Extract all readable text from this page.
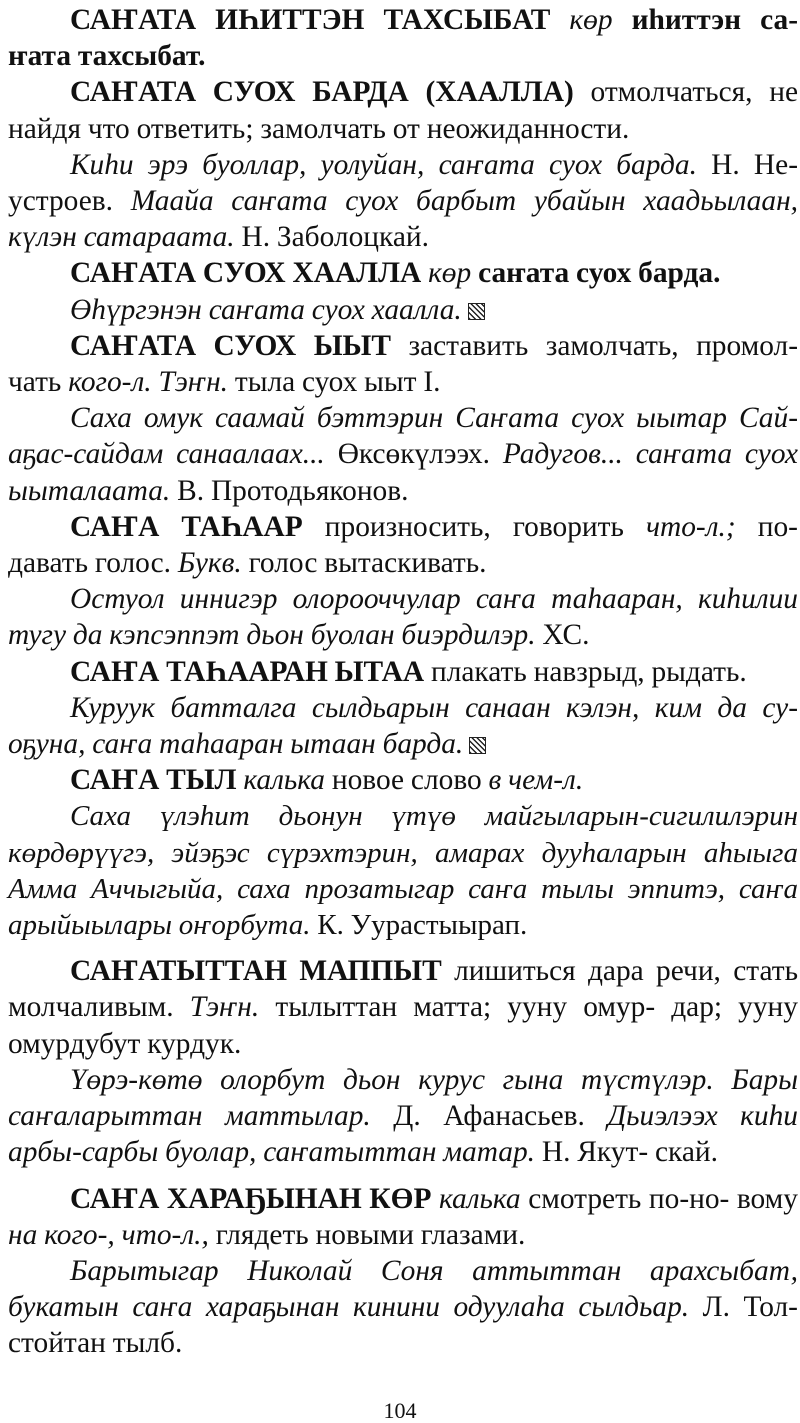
САҤАТА ИҺИТТЭН ТАХСЫБАТ көр иһиттэн са- ҥата тахсыбат.

САҤАТА СУОХ БАРДА (ХААЛЛА) отмолчаться, не найдя что ответить; замолчать от неожиданности.

Киһи эрэ буоллар, уолуйан, саҥата суох барда. Н. Не- устроев. Маайа саҥата суох барбыт убайын хаадьылаан, күлэн сатараата. Н. Заболоцкай.

САҤАТА СУОХ ХААЛЛА көр саҥата суох барда.

Өһүргэнэн саҥата суох хаалла.

САҤАТА СУОХ ЫЫТ заставить замолчать, промол- чать кого-л. Тэҥн. тыла суох ыыт I.

Саха омук саамай бэттэрин Саҥата суох ыытар Сай- аҕас-сайдам санаалаах... Өксөкүлээх. Радугов... саҥата суох ыыталаата. В. Протодьяконов.

САҤА ТАҺААР произносить, говорить что-л.; по- давать голос. Букв. голос вытаскивать.

Остуол иннигэр олорооччулар саҥа таһааран, киһилии тугу да кэпсэппэт дьон буолан биэрдилэр. ХС.

САҤА ТАҺААРАН ЫТАА плакать навзрыд, рыдать.

Куруук батталга сылдьарын санаан кэлэн, ким да су- оҕуна, саҥа таһааран ытаан барда.

САҤА ТЫЛ калька новое слово в чем-л.

Саха үлэһит дьонун үтүө майгыларын-сигилилэрин көрдөрүүгэ, эйэҕэс сүрэхтэрин, амарах дууһаларын аһыыга Амма Аччыгыйа, саха прозатыгар саҥа тылы эппитэ, саҥа арыйыылары оҥорбута. К. Уурастыырап.

САҤАТЫТТАН МАППЫТ лишиться дара речи, стать молчаливым. Тэҥн. тылыттан матта; ууну омур- дар; ууну омурдубут курдук.

Үөрэ-көтө олорбут дьон курус гына түстүлэр. Бары саҥаларыттан маттылар. Д. Афанасьев. Дьиэлээх киһи арбы-сарбы буолар, саҥатыттан матар. Н. Якут- скай.

САҤА ХАРАҔЫНАН КӨР калька смотреть по-но- вому на кого-, что-л., глядеть новыми глазами.

Барытыгар Николай Соня аттыттан арахсыбат, букатын саҥа хараҕынан кинини одуулаһа сылдьар. Л. Тол- стойтан тылб.

104
